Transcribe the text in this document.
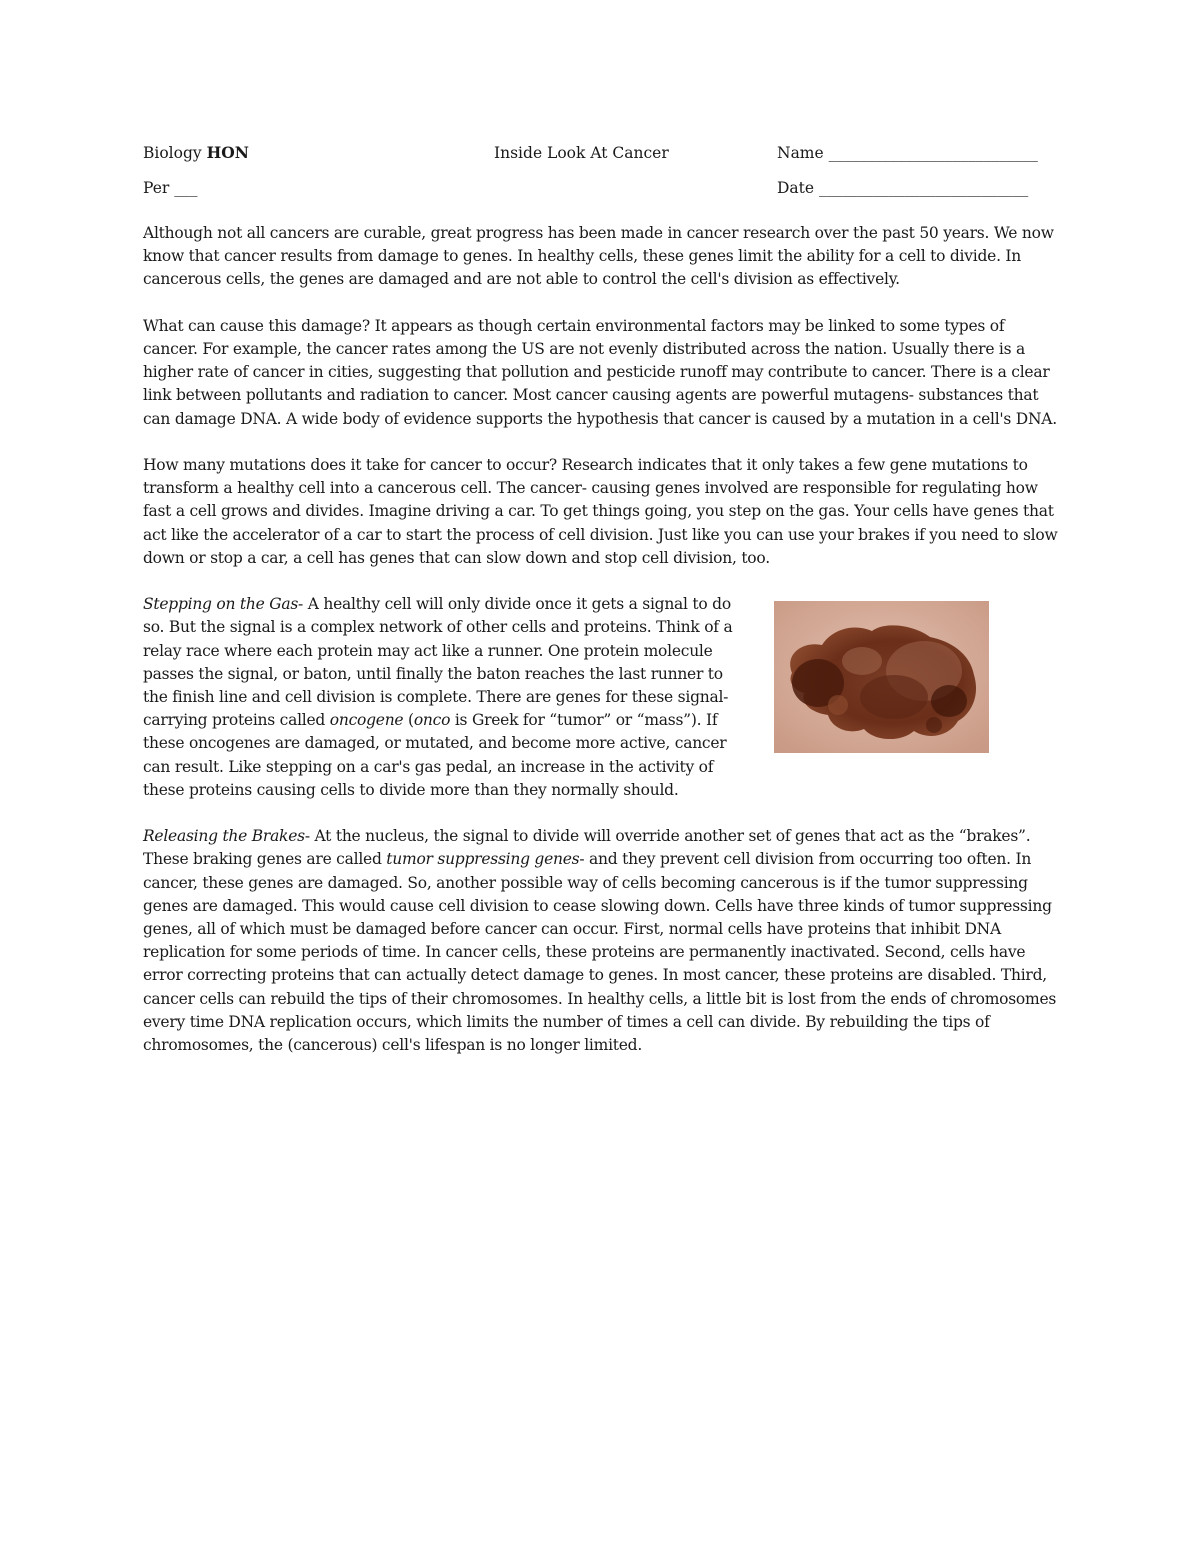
Biology HON	Inside Look At Cancer	Name ___________________________
Per ___	Date ___________________________

Although not all cancers are curable, great progress has been made in cancer research over the past 50 years. We now know that cancer results from damage to genes. In healthy cells, these genes limit the ability for a cell to divide. In cancerous cells, the genes are damaged and are not able to control the cell's division as effectively.

What can cause this damage? It appears as though certain environmental factors may be linked to some types of cancer. For example, the cancer rates among the US are not evenly distributed across the nation. Usually there is a higher rate of cancer in cities, suggesting that pollution and pesticide runoff may contribute to cancer. There is a clear link between pollutants and radiation to cancer. Most cancer causing agents are powerful mutagens- substances that can damage DNA. A wide body of evidence supports the hypothesis that cancer is caused by a mutation in a cell's DNA.

How many mutations does it take for cancer to occur? Research indicates that it only takes a few gene mutations to transform a healthy cell into a cancerous cell. The cancer- causing genes involved are responsible for regulating how fast a cell grows and divides. Imagine driving a car. To get things going, you step on the gas. Your cells have genes that act like the accelerator of a car to start the process of cell division. Just like you can use your brakes if you need to slow down or stop a car, a cell has genes that can slow down and stop cell division, too.

Stepping on the Gas- A healthy cell will only divide once it gets a signal to do so. But the signal is a complex network of other cells and proteins. Think of a relay race where each protein may act like a runner. One protein molecule passes the signal, or baton, until finally the baton reaches the last runner to the finish line and cell division is complete. There are genes for these signal- carrying proteins called oncogene (onco is Greek for “tumor” or “mass”). If these oncogenes are damaged, or mutated, and become more active, cancer can result. Like stepping on a car's gas pedal, an increase in the activity of these proteins causing cells to divide more than they normally should.

Releasing the Brakes- At the nucleus, the signal to divide will override another set of genes that act as the “brakes”. These braking genes are called tumor suppressing genes- and they prevent cell division from occurring too often. In cancer, these genes are damaged. So, another possible way of cells becoming cancerous is if the tumor suppressing genes are damaged. This would cause cell division to cease slowing down. Cells have three kinds of tumor suppressing genes, all of which must be damaged before cancer can occur. First, normal cells have proteins that inhibit DNA replication for some periods of time. In cancer cells, these proteins are permanently inactivated. Second, cells have error correcting proteins that can actually detect damage to genes. In most cancer, these proteins are disabled. Third, cancer cells can rebuild the tips of their chromosomes. In healthy cells, a little bit is lost from the ends of chromosomes every time DNA replication occurs, which limits the number of times a cell can divide. By rebuilding the tips of chromosomes, the (cancerous) cell's lifespan is no longer limited.
